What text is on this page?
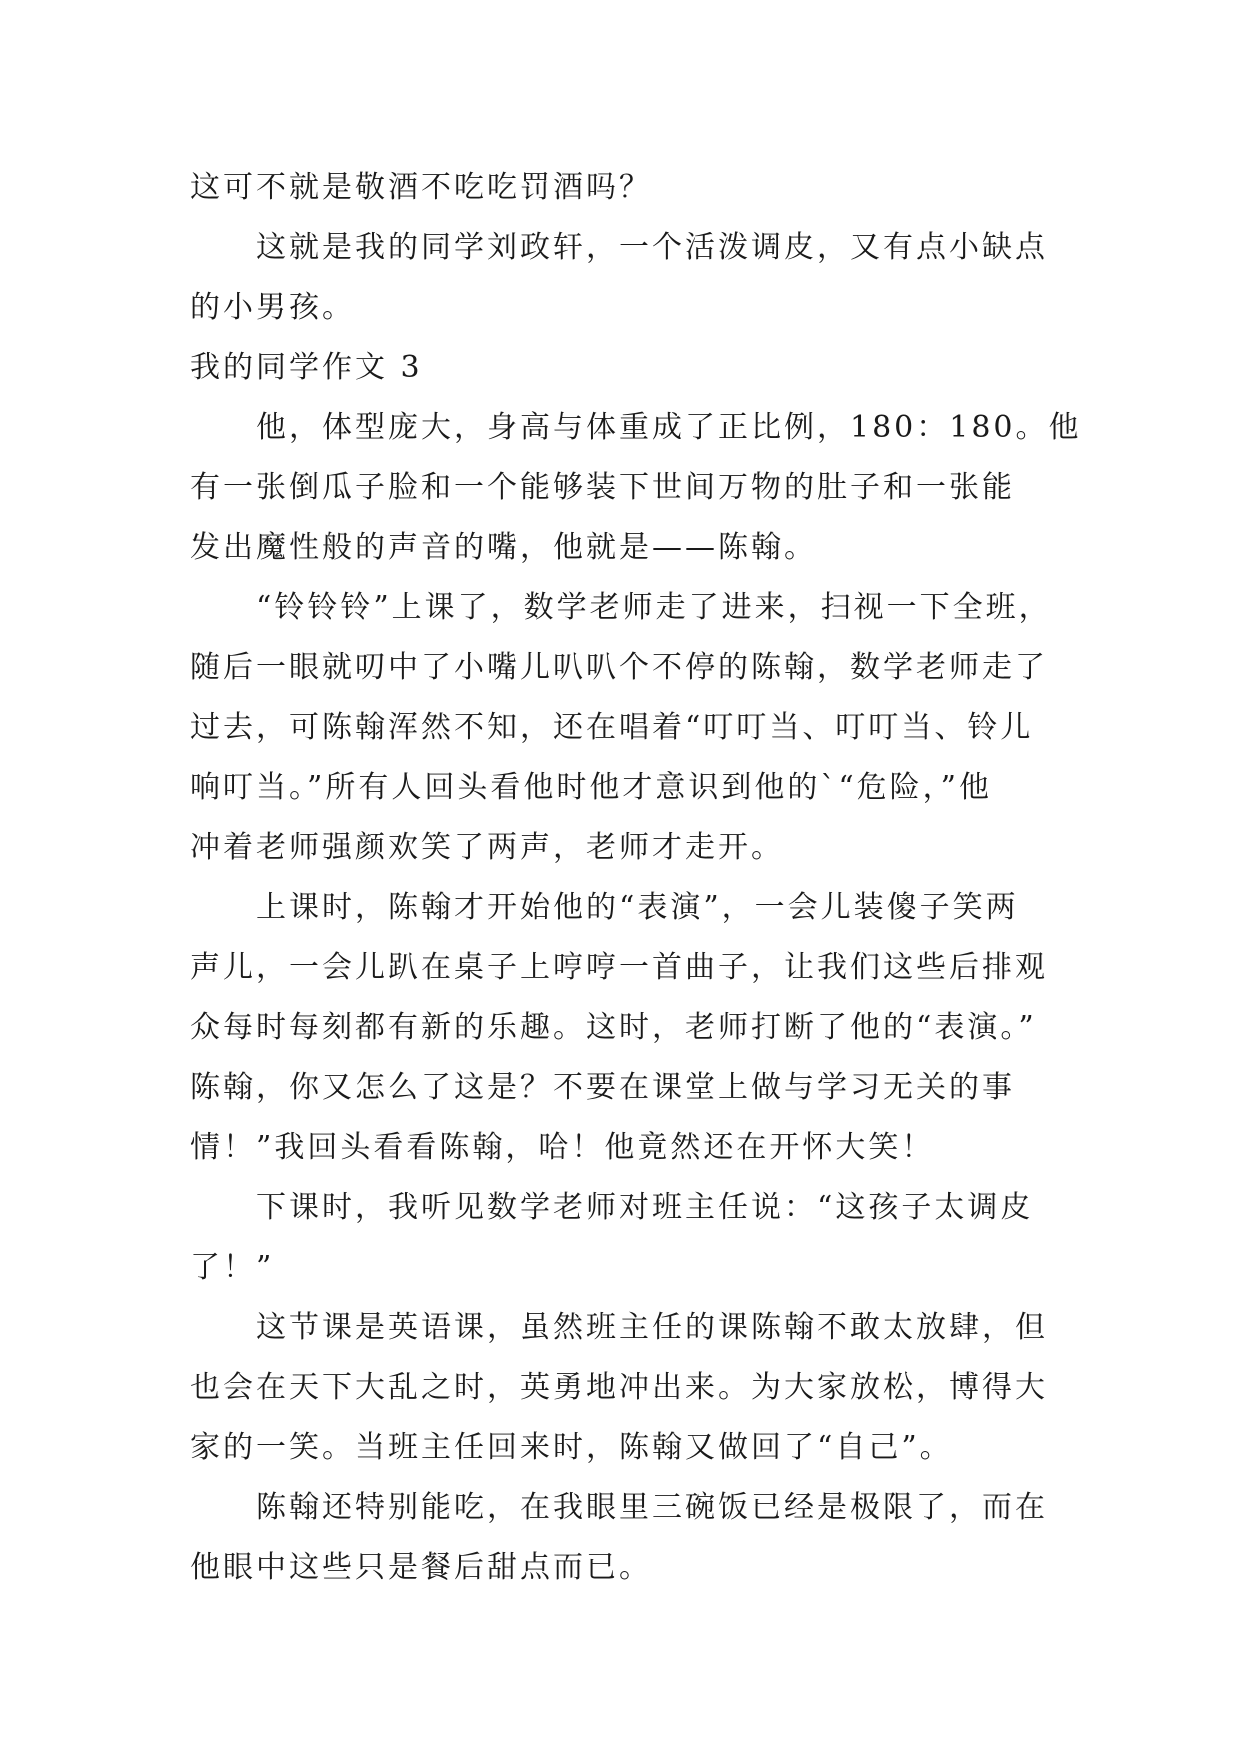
这可不就是敬酒不吃吃罚酒吗？
这就是我的同学刘政轩，一个活泼调皮，又有点小缺点
的小男孩。
我的同学作文 3
他，体型庞大，身高与体重成了正比例，180：180。他
有一张倒瓜子脸和一个能够装下世间万物的肚子和一张能
发出魔性般的声音的嘴，他就是——陈翰。
“铃铃铃”上课了，数学老师走了进来，扫视一下全班，
随后一眼就叨中了小嘴儿叭叭个不停的陈翰，数学老师走了
过去，可陈翰浑然不知，还在唱着“叮叮当、叮叮当、铃儿
响叮当。”所有人回头看他时他才意识到他的`“危险，”他
冲着老师强颜欢笑了两声，老师才走开。
上课时，陈翰才开始他的“表演”，一会儿装傻子笑两
声儿，一会儿趴在桌子上哼哼一首曲子，让我们这些后排观
众每时每刻都有新的乐趣。这时，老师打断了他的“表演。”
陈翰，你又怎么了这是？不要在课堂上做与学习无关的事
情！”我回头看看陈翰，哈！他竟然还在开怀大笑！
下课时，我听见数学老师对班主任说：“这孩子太调皮
了！”
这节课是英语课，虽然班主任的课陈翰不敢太放肆，但
也会在天下大乱之时，英勇地冲出来。为大家放松，博得大
家的一笑。当班主任回来时，陈翰又做回了“自己”。
陈翰还特别能吃，在我眼里三碗饭已经是极限了，而在
他眼中这些只是餐后甜点而已。
